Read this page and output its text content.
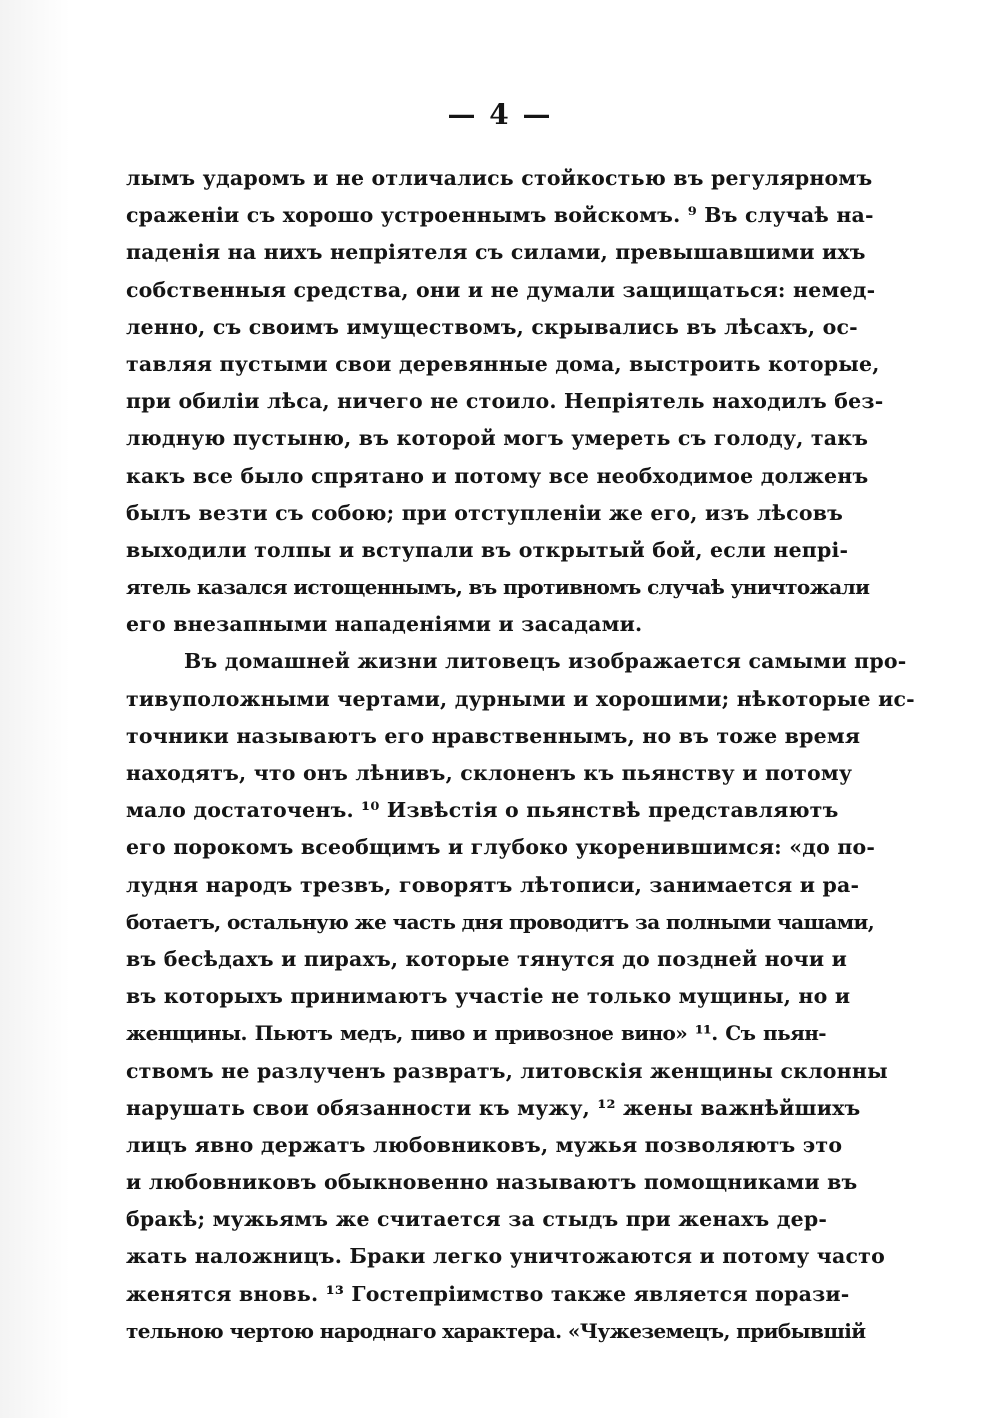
— 4 —
лымъ ударомъ и не отличались стойкостью въ регулярномъ
сраженіи съ хорошо устроеннымъ войскомъ. ⁹ Въ случаѣ на-
паденія на нихъ непріятеля съ силами, превышавшими ихъ
собственныя средства, они и не думали защищаться: немед-
ленно, съ своимъ имуществомъ, скрывались въ лѣсахъ, ос-
тавляя пустыми свои деревянные дома, выстроить которые,
при обиліи лѣса, ничего не стоило. Непріятель находилъ без-
людную пустыню, въ которой могъ умереть съ голоду, такъ
какъ все было спрятано и потому все необходимое долженъ
былъ везти съ собою; при отступленіи же его, изъ лѣсовъ
выходили толпы и вступали въ открытый бой, если непрі-
ятель казался истощеннымъ, въ противномъ случаѣ уничтожали
его внезапными нападеніями и засадами.
Въ домашней жизни литовецъ изображается самыми про-
тивуположными чертами, дурными и хорошими; нѣкоторые ис-
точники называютъ его нравственнымъ, но въ тоже время
находятъ, что онъ лѣнивъ, склоненъ къ пьянству и потому
мало достаточенъ. ¹⁰ Извѣстія о пьянствѣ представляютъ
его порокомъ всеобщимъ и глубоко укоренившимся: «до по-
лудня народъ трезвъ, говорятъ лѣтописи, занимается и ра-
ботаетъ, остальную же часть дня проводитъ за полными чашами,
въ бесѣдахъ и пирахъ, которые тянутся до поздней ночи и
въ которыхъ принимаютъ участіе не только мущины, но и
женщины. Пьютъ медъ, пиво и привозное вино» ¹¹. Съ пьян-
ствомъ не разлученъ развратъ, литовскія женщины склонны
нарушать свои обязанности къ мужу, ¹² жены важнѣйшихъ
лицъ явно держатъ любовниковъ, мужья позволяютъ это
и любовниковъ обыкновенно называютъ помощниками въ
бракѣ; мужьямъ же считается за стыдъ при женахъ дер-
жать наложницъ. Браки легко уничтожаются и потому часто
женятся вновь. ¹³ Гостепріимство также является порази-
тельною чертою народнаго характера. «Чужеземецъ, прибывшій
